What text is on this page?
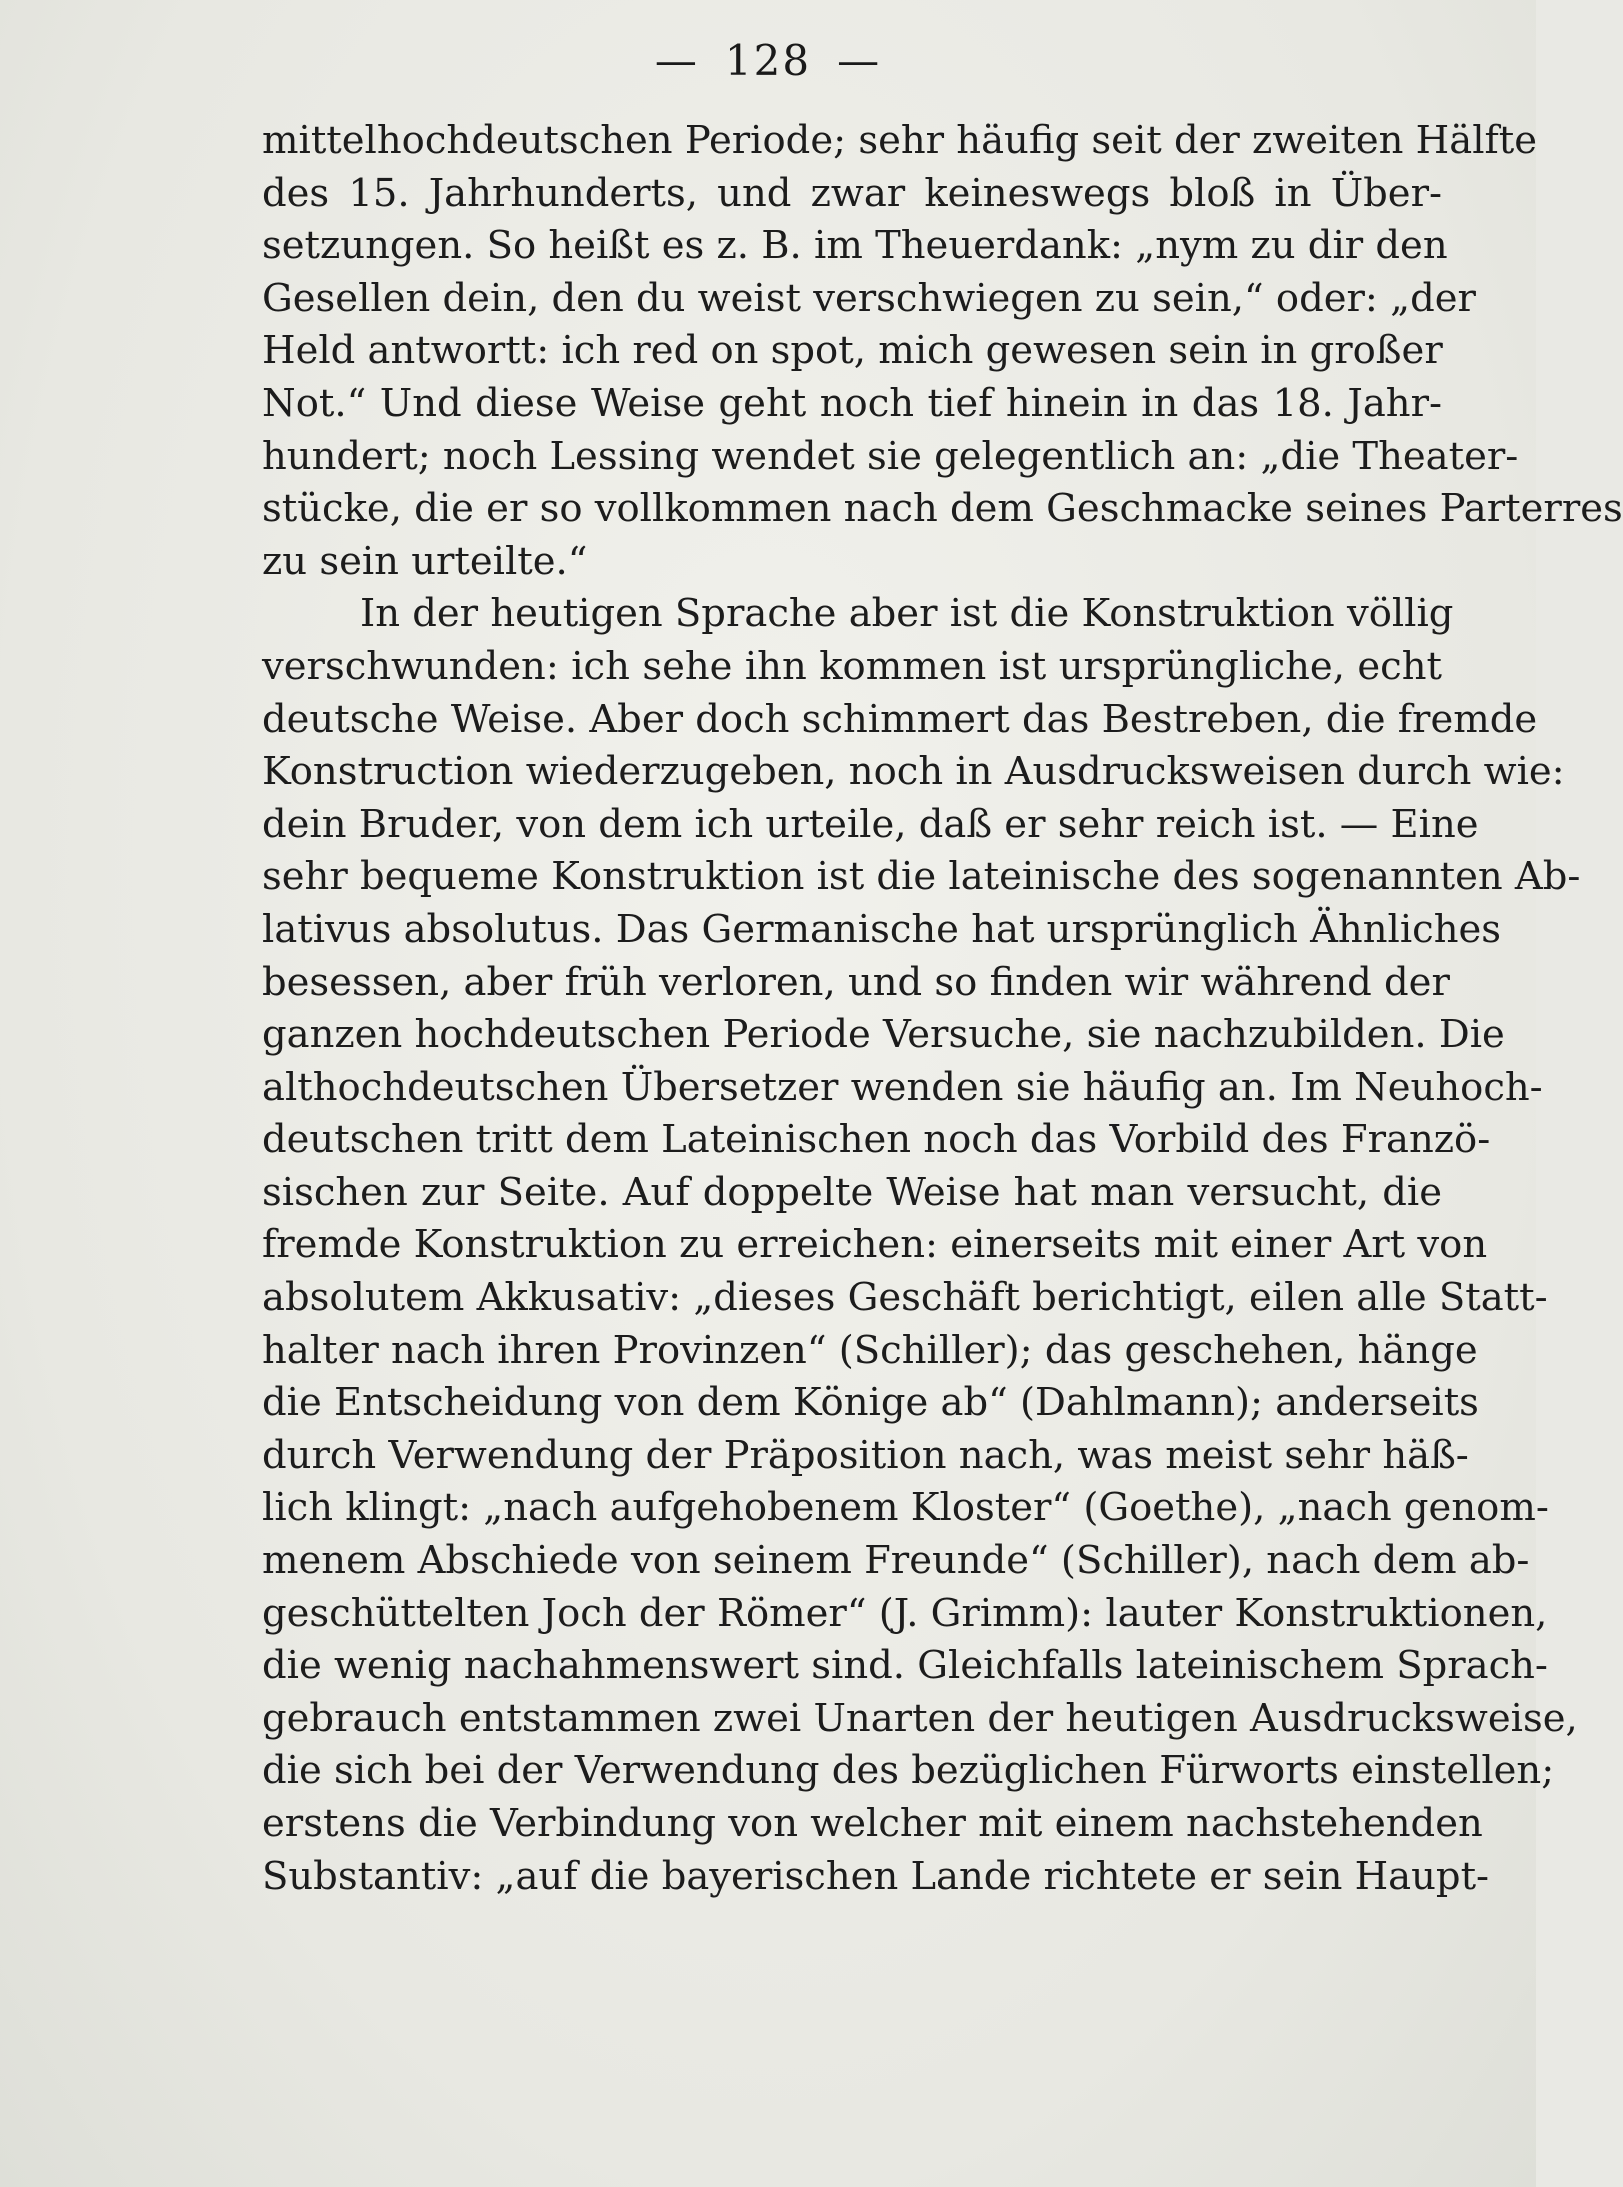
— 128 —
mittelhochdeutschen Periode; sehr häufig seit der zweiten Hälfte
des 15. Jahrhunderts, und zwar keineswegs bloß in Über-
setzungen. So heißt es z. B. im Theuerdank: „nym zu dir den
Gesellen dein, den du weist verschwiegen zu sein,“ oder: „der
Held antwortt: ich red on spot, mich gewesen sein in großer
Not.“ Und diese Weise geht noch tief hinein in das 18. Jahr-
hundert; noch Lessing wendet sie gelegentlich an: „die Theater-
stücke, die er so vollkommen nach dem Geschmacke seines Parterres
zu sein urteilte.“
In der heutigen Sprache aber ist die Konstruktion völlig
verschwunden: ich sehe ihn kommen ist ursprüngliche, echt
deutsche Weise. Aber doch schimmert das Bestreben, die fremde
Konstruction wiederzugeben, noch in Ausdrucksweisen durch wie:
dein Bruder, von dem ich urteile, daß er sehr reich ist. — Eine
sehr bequeme Konstruktion ist die lateinische des sogenannten Ab-
lativus absolutus. Das Germanische hat ursprünglich Ähnliches
besessen, aber früh verloren, und so finden wir während der
ganzen hochdeutschen Periode Versuche, sie nachzubilden. Die
althochdeutschen Übersetzer wenden sie häufig an. Im Neuhoch-
deutschen tritt dem Lateinischen noch das Vorbild des Franzö-
sischen zur Seite. Auf doppelte Weise hat man versucht, die
fremde Konstruktion zu erreichen: einerseits mit einer Art von
absolutem Akkusativ: „dieses Geschäft berichtigt, eilen alle Statt-
halter nach ihren Provinzen“ (Schiller); das geschehen, hänge
die Entscheidung von dem Könige ab“ (Dahlmann); anderseits
durch Verwendung der Präposition nach, was meist sehr häß-
lich klingt: „nach aufgehobenem Kloster“ (Goethe), „nach genom-
menem Abschiede von seinem Freunde“ (Schiller), nach dem ab-
geschüttelten Joch der Römer“ (J. Grimm): lauter Konstruktionen,
die wenig nachahmenswert sind. Gleichfalls lateinischem Sprach-
gebrauch entstammen zwei Unarten der heutigen Ausdrucksweise,
die sich bei der Verwendung des bezüglichen Fürworts einstellen;
erstens die Verbindung von welcher mit einem nachstehenden
Substantiv: „auf die bayerischen Lande richtete er sein Haupt-
